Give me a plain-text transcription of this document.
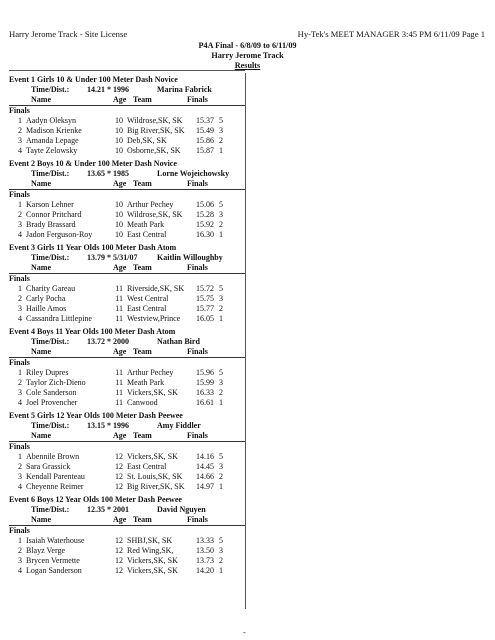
Harry Jerome Track - Site License	Hy-Tek's MEET MANAGER 3:45 PM 6/11/09 Page 1
P4A Final - 6/8/09 to 6/11/09
Harry Jerome Track
Results
Event 1 Girls 10 & Under 100 Meter Dash Novice
Time/Dist.: 14.21 * 1996	Marina Fabrick
Name	Age Team	Finals
Finals
1 Aadyn Oleksyn	10 Wildrose,SK, SK	15.37 5
2 Madison Krienke	10 Big River,SK, SK	15.49 3
3 Amanda Lepage	10 Deb,SK, SK	15.86 2
4 Tayte Zelowsky	10 Osborne,SK, SK	15.87 1
Event 2 Boys 10 & Under 100 Meter Dash Novice
Time/Dist.: 13.65 * 1985	Lorne Wojeichowsky
Name	Age Team	Finals
Finals
1 Karson Lehner	10 Arthur Pechey	15.06 5
2 Connor Pritchard	10 Wildrose,SK, SK	15.28 3
3 Brady Brassard	10 Meath Park	15.92 2
4 Jadon Ferguson-Roy	10 East Central	16.30 1
Event 3 Girls 11 Year Olds 100 Meter Dash Atom
Time/Dist.: 13.79 * 5/31/07 Kaitlin Willoughby
Name	Age Team	Finals
Finals
1 Charity Gareau	11 Riverside,SK, SK	15.72 5
2 Carly Pocha	11 West Central	15.75 3
3 Haille Amos	11 East Central	15.77 2
4 Cassandra Littlepine	11 Westview,Prince	16.05 1
Event 4 Boys 11 Year Olds 100 Meter Dash Atom
Time/Dist.: 13.72 * 2000	Nathan Bird
Name	Age Team	Finals
Finals
1 Riley Dupres	11 Arthur Pechey	15.96 5
2 Taylor Zich-Dieno	11 Meath Park	15.99 3
3 Cole Sanderson	11 Vickers,SK, SK	16.33 2
4 Joel Provencher	11 Canwood	16.61 1
Event 5 Girls 12 Year Olds 100 Meter Dash Peewee
Time/Dist.: 13.15 * 1996	Amy Fiddler
Name	Age Team	Finals
Finals
1 Abennile Brown	12 Vickers,SK, SK	14.16 5
2 Sara Grassick	12 East Central	14.45 3
3 Kendall Parenteau	12 St. Louis,SK, SK	14.66 2
4 Cheyenne Reimer	12 Big River,SK, SK	14.97 1
Event 6 Boys 12 Year Olds 100 Meter Dash Peewee
Time/Dist.: 12.35 * 2001	David Nguyen
Name	Age Team	Finals
Finals
1 Isaiah Waterhouse	12 SHBJ,SK, SK	13.33 5
2 Blayz Verge	12 Red Wing,SK,	13.50 3
3 Brycen Vermette	12 Vickers,SK, SK	13.73 2
4 Logan Sanderson	12 Vickers,SK, SK	14.20 1
-
